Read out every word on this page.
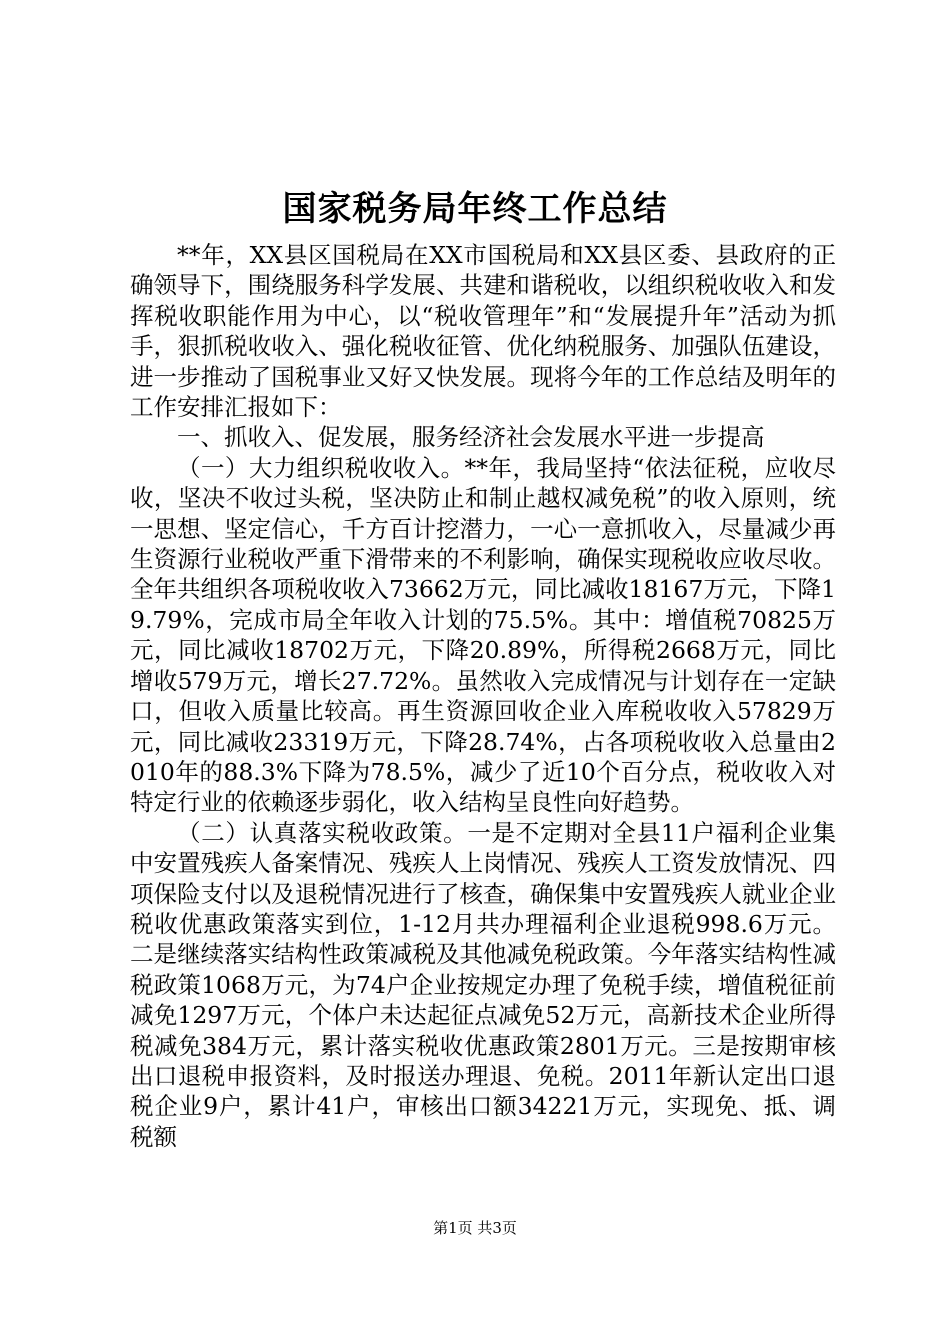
国家税务局年终工作总结

**年，XX县区国税局在XX市国税局和XX县区委、县政府的正确领导下，围绕服务科学发展、共建和谐税收，以组织税收收入和发挥税收职能作用为中心，以“税收管理年”和“发展提升年”活动为抓手，狠抓税收收入、强化税收征管、优化纳税服务、加强队伍建设，进一步推动了国税事业又好又快发展。现将今年的工作总结及明年的工作安排汇报如下：

一、抓收入、促发展，服务经济社会发展水平进一步提高

（一）大力组织税收收入。**年，我局坚持“依法征税，应收尽收，坚决不收过头税，坚决防止和制止越权减免税”的收入原则，统一思想、坚定信心，千方百计挖潜力，一心一意抓收入，尽量减少再生资源行业税收严重下滑带来的不利影响，确保实现税收应收尽收。全年共组织各项税收收入73662万元，同比减收18167万元，下降19.79%，完成市局全年收入计划的75.5%。其中：增值税70825万元，同比减收18702万元，下降20.89%，所得税2668万元，同比增收579万元，增长27.72%。虽然收入完成情况与计划存在一定缺口，但收入质量比较高。再生资源回收企业入库税收收入57829万元，同比减收23319万元，下降28.74%，占各项税收收入总量由2010年的88.3%下降为78.5%，减少了近10个百分点，税收收入对特定行业的依赖逐步弱化，收入结构呈良性向好趋势。

（二）认真落实税收政策。一是不定期对全县11户福利企业集中安置残疾人备案情况、残疾人上岗情况、残疾人工资发放情况、四项保险支付以及退税情况进行了核查，确保集中安置残疾人就业企业税收优惠政策落实到位，1-12月共办理福利企业退税998.6万元。二是继续落实结构性政策减税及其他减免税政策。今年落实结构性减税政策1068万元，为74户企业按规定办理了免税手续，增值税征前减免1297万元，个体户未达起征点减免52万元，高新技术企业所得税减免384万元，累计落实税收优惠政策2801万元。三是按期审核出口退税申报资料，及时报送办理退、免税。2011年新认定出口退税企业9户，累计41户，审核出口额34221万元，实现免、抵、调税额

第1页 共3页
